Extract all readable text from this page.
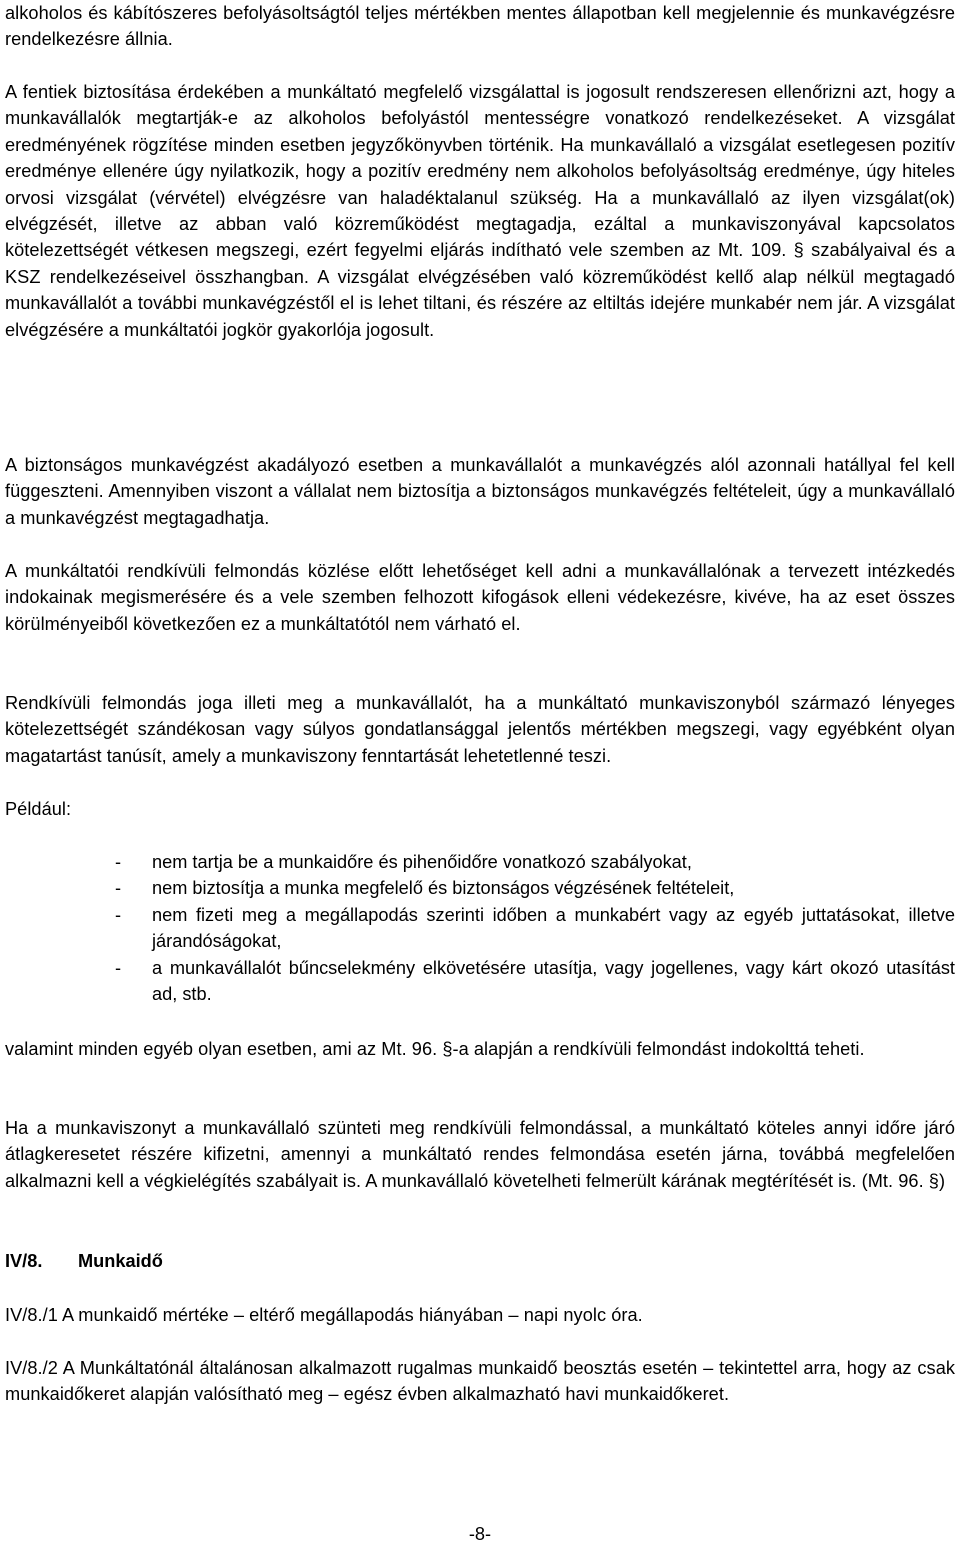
alkoholos és kábítószeres befolyásoltságtól teljes mértékben mentes állapotban kell megjelennie és munkavégzésre rendelkezésre állnia.

A fentiek biztosítása érdekében a munkáltató megfelelő vizsgálattal is jogosult rendszeresen ellenőrizni azt, hogy a munkavállalók megtartják-e az alkoholos befolyástól mentességre vonatkozó rendelkezéseket. A vizsgálat eredményének rögzítése minden esetben jegyzőkönyvben történik. Ha munkavállaló a vizsgálat esetlegesen pozitív eredménye ellenére úgy nyilatkozik, hogy a pozitív eredmény nem alkoholos befolyásoltság eredménye, úgy hiteles orvosi vizsgálat (vérvétel) elvégzésre van haladéktalanul szükség. Ha a munkavállaló az ilyen vizsgálat(ok) elvégzését, illetve az abban való közreműködést megtagadja, ezáltal a munkaviszonyával kapcsolatos kötelezettségét vétkesen megszegi, ezért fegyelmi eljárás indítható vele szemben az Mt. 109. § szabályaival és a KSZ rendelkezéseivel összhangban. A vizsgálat elvégzésében való közreműködést kellő alap nélkül megtagadó munkavállalót a további munkavégzéstől el is lehet tiltani, és részére az eltiltás idejére munkabér nem jár. A vizsgálat elvégzésére a munkáltatói jogkör gyakorlója jogosult.

A biztonságos munkavégzést akadályozó esetben a munkavállalót a munkavégzés alól azonnali hatállyal fel kell függeszteni. Amennyiben viszont a vállalat nem biztosítja a biztonságos munkavégzés feltételeit, úgy a munkavállaló a munkavégzést megtagadhatja.

A munkáltatói rendkívüli felmondás közlése előtt lehetőséget kell adni a munkavállalónak a tervezett intézkedés indokainak megismerésére és a vele szemben felhozott kifogások elleni védekezésre, kivéve, ha az eset összes körülményeiből következően ez a munkáltatótól nem várható el.

Rendkívüli felmondás joga illeti meg a munkavállalót, ha a munkáltató munkaviszonyból származó lényeges kötelezettségét szándékosan vagy súlyos gondatlansággal jelentős mértékben megszegi, vagy egyébként olyan magatartást tanúsít, amely a munkaviszony fenntartását lehetetlenné teszi.

Például:

- nem tartja be a munkaidőre és pihenőidőre vonatkozó szabályokat,
- nem biztosítja a munka megfelelő és biztonságos végzésének feltételeit,
- nem fizeti meg a megállapodás szerinti időben a munkabért vagy az egyéb juttatásokat, illetve járandóságokat,
- a munkavállalót bűncselekmény elkövetésére utasítja, vagy jogellenes, vagy kárt okozó utasítást ad, stb.

valamint minden egyéb olyan esetben, ami az Mt. 96. §-a alapján a rendkívüli felmondást indokolttá teheti.

Ha a munkaviszonyt a munkavállaló szünteti meg rendkívüli felmondással, a munkáltató köteles annyi időre járó átlagkeresetet részére kifizetni, amennyi a munkáltató rendes felmondása esetén járna, továbbá megfelelően alkalmazni kell a végkielégítés szabályait is. A munkavállaló követelheti felmerült kárának megtérítését is. (Mt. 96. §)

IV/8. Munkaidő

IV/8./1 A munkaidő mértéke – eltérő megállapodás hiányában – napi nyolc óra.

IV/8./2 A Munkáltatónál általánosan alkalmazott rugalmas munkaidő beosztás esetén – tekintettel arra, hogy az csak munkaidőkeret alapján valósítható meg – egész évben alkalmazható havi munkaidőkeret.

-8-
